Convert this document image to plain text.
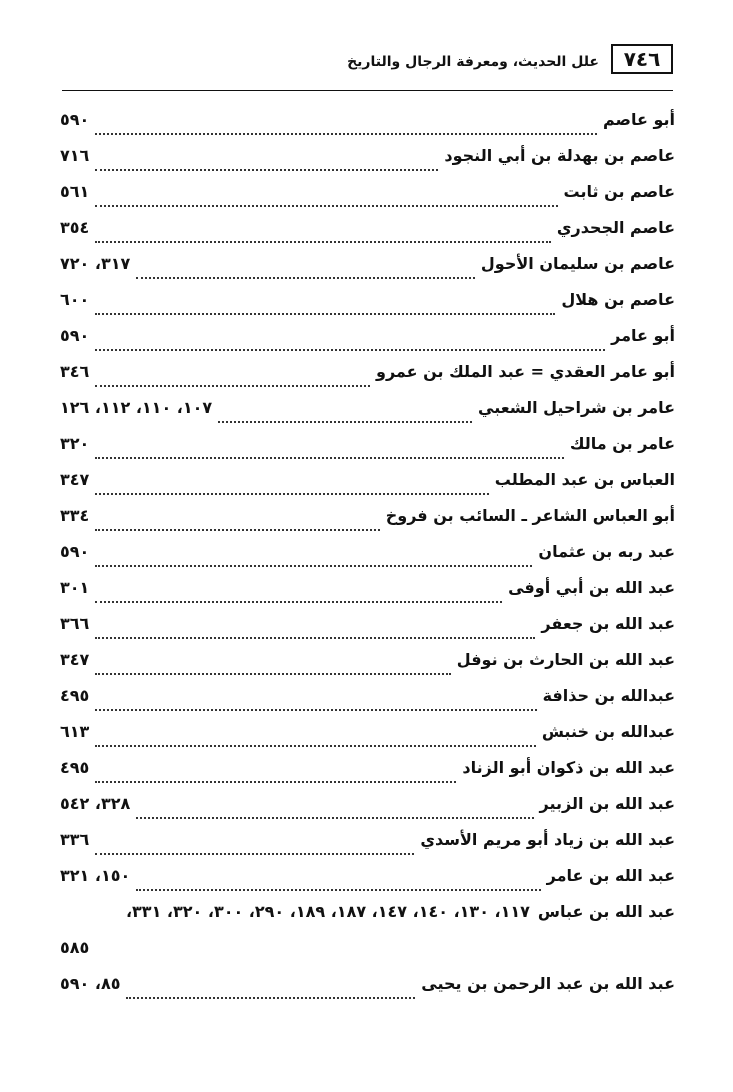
٧٤٦
علل الحديث، ومعرفة الرجال والتاريخ
أبو عاصم
٥٩٠
عاصم بن بهدلة بن أبي النجود
٧١٦
عاصم بن ثابت
٥٦١
عاصم الجحدري
٣٥٤
عاصم بن سليمان الأحول
٣١٧، ٧٢٠
عاصم بن هلال
٦٠٠
أبو عامر
٥٩٠
أبو عامر العقدي = عبد الملك بن عمرو
٣٤٦
عامر بن شراحيل الشعبي
١٠٧، ١١٠، ١١٢، ١٢٦
عامر بن مالك
٣٢٠
العباس بن عبد المطلب
٣٤٧
أبو العباس الشاعر ـ السائب بن فروخ
٣٣٤
عبد ربه بن عثمان
٥٩٠
عبد الله بن أبي أوفى
٣٠١
عبد الله بن جعفر
٣٦٦
عبد الله بن الحارث بن نوفل
٣٤٧
عبدالله بن حذافة
٤٩٥
عبدالله بن خنبش
٦١٣
عبد الله بن ذكوان أبو الزناد
٤٩٥
عبد الله بن الزبير
٣٢٨، ٥٤٢
عبد الله بن زياد أبو مريم الأسدي
٣٣٦
عبد الله بن عامر
١٥٠، ٣٢١
عبد الله بن عباس
١١٧، ١٣٠، ١٤٠، ١٤٧، ١٨٧، ١٨٩، ٢٩٠، ٣٠٠، ٣٢٠، ٣٣١،
٥٨٥
عبد الله بن عبد الرحمن بن يحيى
٨٥، ٥٩٠
